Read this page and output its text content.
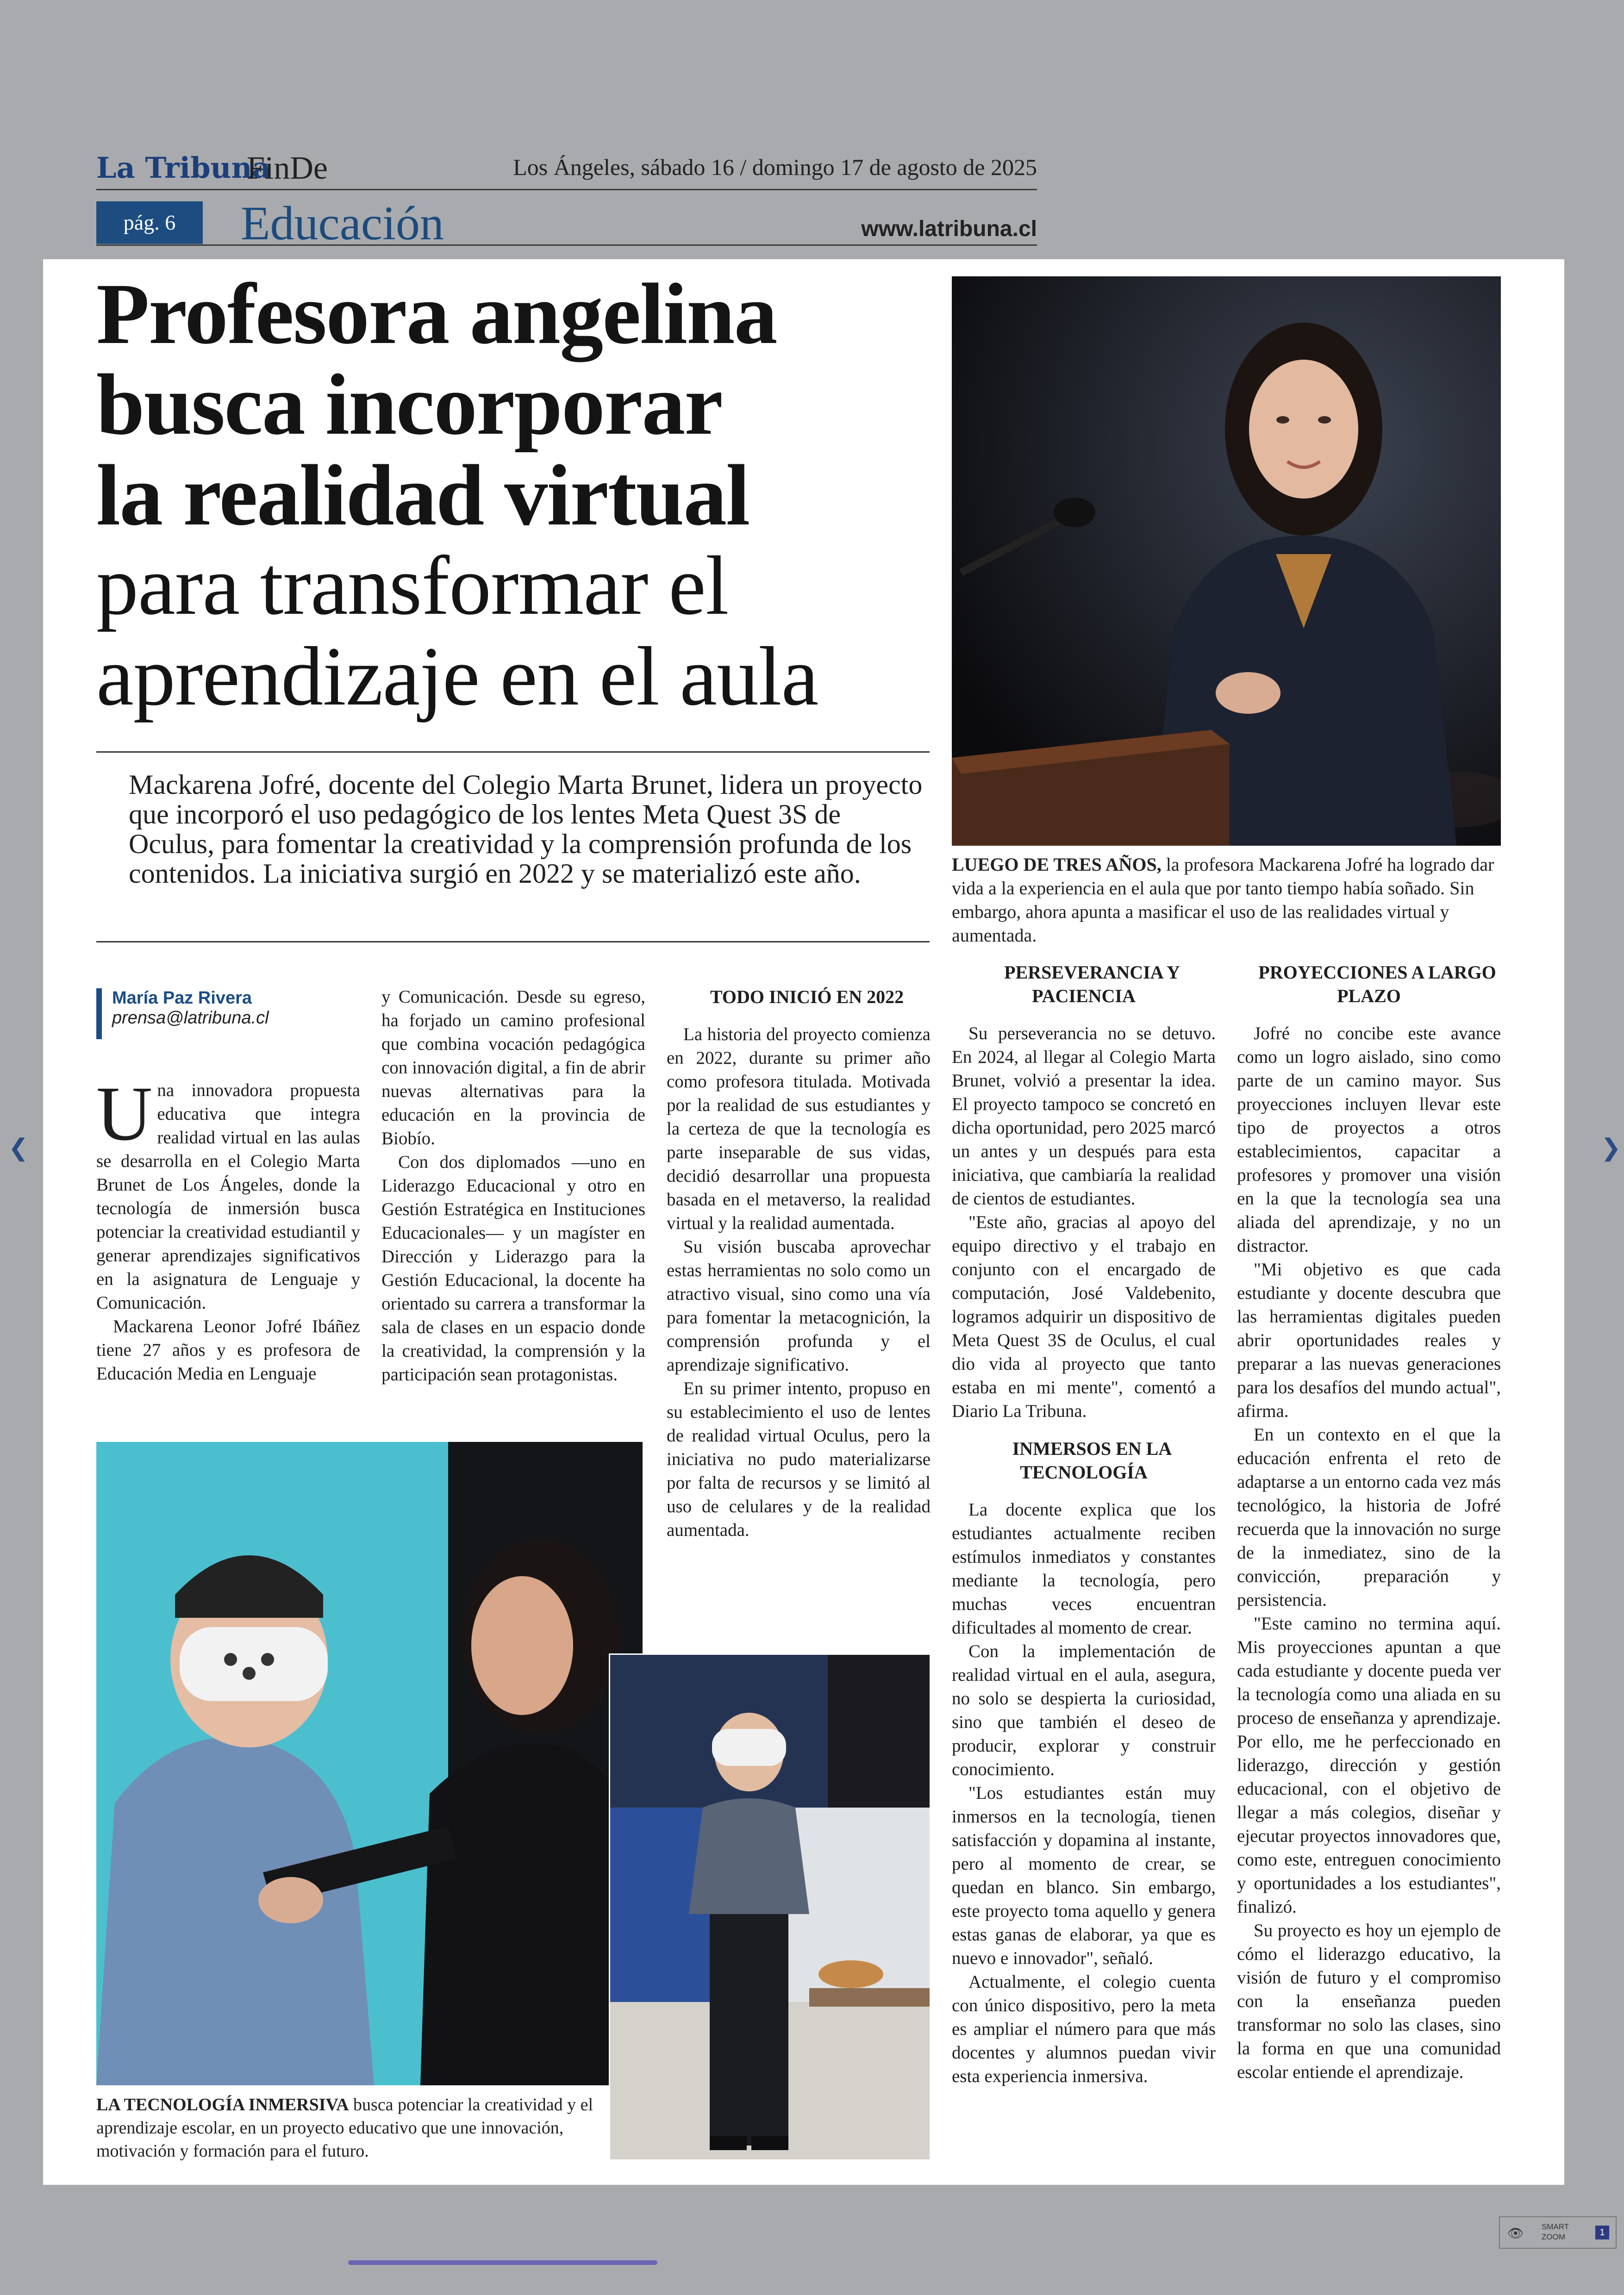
La Tribuna
FinDe	Los Ángeles, sábado 16 / domingo 17 de agosto de 2025
pág. 6	Educación	www.latribuna.cl
Profesora angelina
busca incorporar
la realidad virtual
para transformar el
aprendizaje en el aula
Mackarena Jofré, docente del Colegio Marta Brunet, lidera un proyecto que incorporó el uso pedagógico de los lentes Meta Quest 3S de Oculus, para fomentar la creatividad y la comprensión profunda de los contenidos. La iniciativa surgió en 2022 y se materializó este año.	LUEGO DE TRES AÑOS, la profesora Mackarena Jofré ha logrado dar vida a la experiencia en el aula que por tanto tiempo había soñado. Sin embargo, ahora apunta a masificar el uso de las realidades virtual y aumentada.
María Paz Rivera
prensa@latribuna.cl

Una innovadora propuesta educativa que integra realidad virtual en las aulas se desarrolla en el Colegio Marta Brunet de Los Ángeles, donde la tecnología de inmersión busca potenciar la creatividad estudiantil y generar aprendizajes significativos en la asignatura de Lenguaje y Comunicación.

Mackarena Leonor Jofré Ibáñez tiene 27 años y es profesora de Educación Media en Lenguaje

y Comunicación. Desde su egreso, ha forjado un camino profesional que combina vocación pedagógica con innovación digital, a fin de abrir nuevas alternativas para la educación en la provincia de Biobío.

Con dos diplomados —uno en Liderazgo Educacional y otro en Gestión Estratégica en Instituciones Educacionales— y un magíster en Dirección y Liderazgo para la Gestión Educacional, la docente ha orientado su carrera a transformar la sala de clases en un espacio donde la creatividad, la comprensión y la participación sean protagonistas.

TODO INICIÓ EN 2022

La historia del proyecto comienza en 2022, durante su primer año como profesora titulada. Motivada por la realidad de sus estudiantes y la certeza de que la tecnología es parte inseparable de sus vidas, decidió desarrollar una propuesta basada en el metaverso, la realidad virtual y la realidad aumentada.

Su visión buscaba aprovechar estas herramientas no solo como un atractivo visual, sino como una vía para fomentar la metacognición, la comprensión profunda y el aprendizaje significativo.

En su primer intento, propuso en su establecimiento el uso de lentes de realidad virtual Oculus, pero la iniciativa no pudo materializarse por falta de recursos y se limitó al uso de celulares y de la realidad aumentada.

PERSEVERANCIA Y PACIENCIA

Su perseverancia no se detuvo. En 2024, al llegar al Colegio Marta Brunet, volvió a presentar la idea. El proyecto tampoco se concretó en dicha oportunidad, pero 2025 marcó un antes y un después para esta iniciativa, que cambiaría la realidad de cientos de estudiantes.

"Este año, gracias al apoyo del equipo directivo y el trabajo en conjunto con el encargado de computación, José Valdebenito, logramos adquirir un dispositivo de Meta Quest 3S de Oculus, el cual dio vida al proyecto que tanto estaba en mi mente", comentó a Diario La Tribuna.

INMERSOS EN LA TECNOLOGÍA

La docente explica que los estudiantes actualmente reciben estímulos inmediatos y constantes mediante la tecnología, pero muchas veces encuentran dificultades al momento de crear.

Con la implementación de realidad virtual en el aula, asegura, no solo se despierta la curiosidad, sino que también el deseo de producir, explorar y construir conocimiento.

"Los estudiantes están muy inmersos en la tecnología, tienen satisfacción y dopamina al instante, pero al momento de crear, se quedan en blanco. Sin embargo, este proyecto toma aquello y genera estas ganas de elaborar, ya que es nuevo e innovador", señaló.

Actualmente, el colegio cuenta con único dispositivo, pero la meta es ampliar el número para que más docentes y alumnos puedan vivir esta experiencia inmersiva.

PROYECCIONES A LARGO PLAZO

Jofré no concibe este avance como un logro aislado, sino como parte de un camino mayor. Sus proyecciones incluyen llevar este tipo de proyectos a otros establecimientos, capacitar a profesores y promover una visión en la que la tecnología sea una aliada del aprendizaje, y no un distractor.

"Mi objetivo es que cada estudiante y docente descubra que las herramientas digitales pueden abrir oportunidades reales y preparar a las nuevas generaciones para los desafíos del mundo actual", afirma.

En un contexto en el que la educación enfrenta el reto de adaptarse a un entorno cada vez más tecnológico, la historia de Jofré recuerda que la innovación no surge de la inmediatez, sino de la convicción, preparación y persistencia.

"Este camino no termina aquí. Mis proyecciones apuntan a que cada estudiante y docente pueda ver la tecnología como una aliada en su proceso de enseñanza y aprendizaje. Por ello, me he perfeccionado en liderazgo, dirección y gestión educacional, con el objetivo de llegar a más colegios, diseñar y ejecutar proyectos innovadores que, como este, entreguen conocimiento y oportunidades a los estudiantes", finalizó.

Su proyecto es hoy un ejemplo de cómo el liderazgo educativo, la visión de futuro y el compromiso con la enseñanza pueden transformar no solo las clases, sino la forma en que una comunidad escolar entiende el aprendizaje.

LA TECNOLOGÍA INMERSIVA busca potenciar la creatividad y el aprendizaje escolar, en un proyecto educativo que une innovación, motivación y formación para el futuro.
❮	❯
👁 SMART
ZOOM	1
